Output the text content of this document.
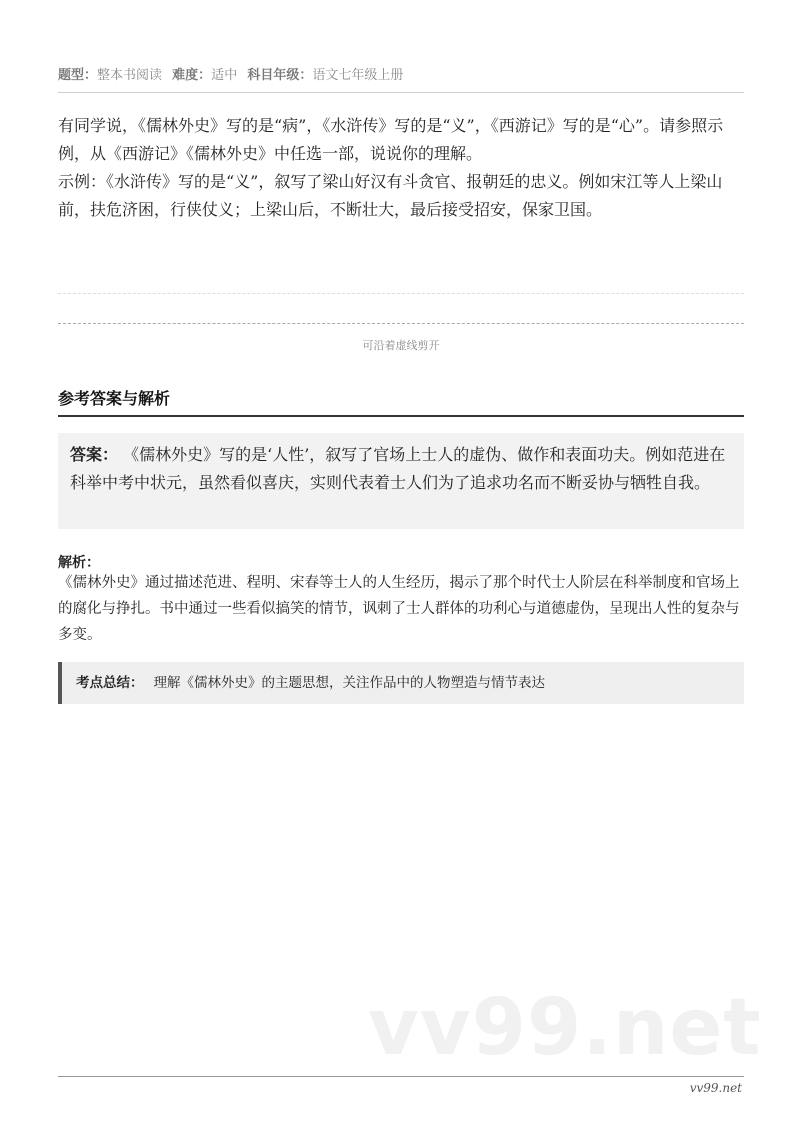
题型：整本书阅读 难度：适中 科目年级：语文七年级上册

有同学说，《儒林外史》写的是“病”，《水浒传》写的是“义”，《西游记》写的是“心”。请参照示例，从《西游记》《儒林外史》中任选一部，说说你的理解。

示例：《水浒传》写的是“义”，叙写了梁山好汉有斗贪官、报朝廷的忠义。例如宋江等人上梁山前，扶危济困，行侠仗义；上梁山后，不断壮大，最后接受招安，保家卫国。

可沿着虚线剪开
参考答案与解析
答案： 《儒林外史》写的是‘人性’，叙写了官场上士人的虚伪、做作和表面功夫。例如范进在科举中考中状元，虽然看似喜庆，实则代表着士人们为了追求功名而不断妥协与牺牲自我。
解析：
《儒林外史》通过描述范进、程明、宋春等士人的人生经历，揭示了那个时代士人阶层在科举制度和官场上的腐化与挣扎。书中通过一些看似搞笑的情节，讽刺了士人群体的功利心与道德虚伪，呈现出人性的复杂与多变。
考点总结： 理解《儒林外史》的主题思想，关注作品中的人物塑造与情节表达
vv99.net
vv99.net
